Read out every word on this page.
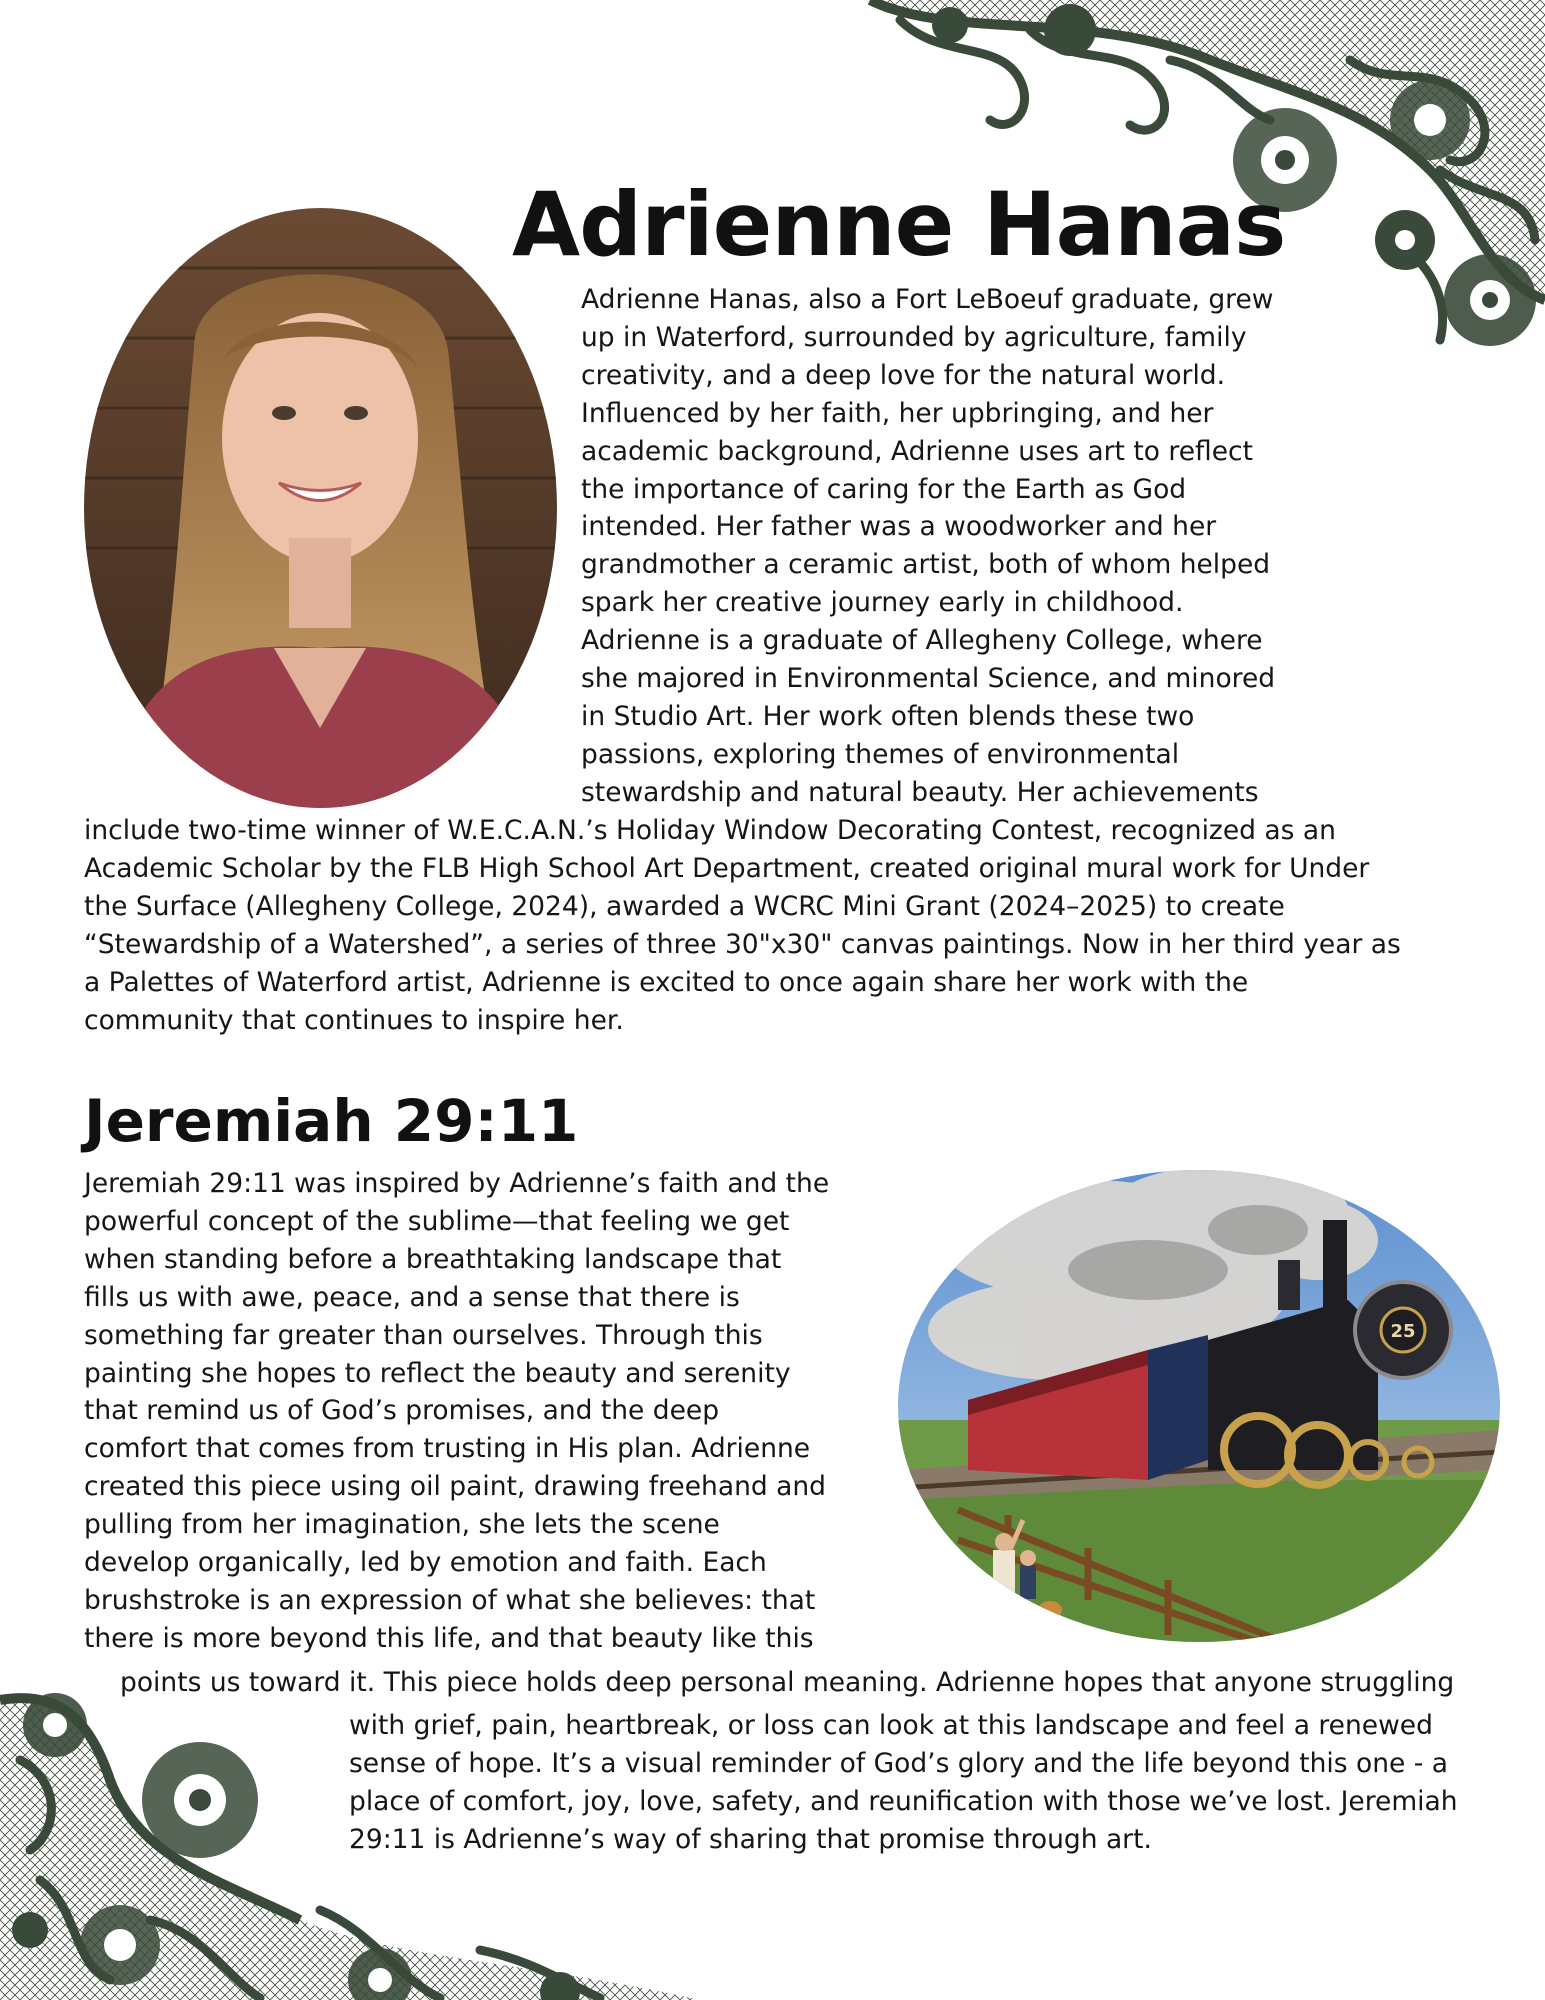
Adrienne Hanas
Adrienne Hanas, also a Fort LeBoeuf graduate, grew
up in Waterford, surrounded by agriculture, family
creativity, and a deep love for the natural world.
Influenced by her faith, her upbringing, and her
academic background, Adrienne uses art to reflect
the importance of caring for the Earth as God
intended. Her father was a woodworker and her
grandmother a ceramic artist, both of whom helped
spark her creative journey early in childhood.
Adrienne is a graduate of Allegheny College, where
she majored in Environmental Science, and minored
in Studio Art. Her work often blends these two
passions, exploring themes of environmental
stewardship and natural beauty. Her achievements
include two-time winner of W.E.C.A.N.’s Holiday Window Decorating Contest, recognized as an
Academic Scholar by the FLB High School Art Department, created original mural work for Under
the Surface (Allegheny College, 2024), awarded a WCRC Mini Grant (2024–2025) to create
“Stewardship of a Watershed”, a series of three 30"x30" canvas paintings. Now in her third year as
a Palettes of Waterford artist, Adrienne is excited to once again share her work with the
community that continues to inspire her.
Jeremiah 29:11
Jeremiah 29:11 was inspired by Adrienne’s faith and the
powerful concept of the sublime—that feeling we get
when standing before a breathtaking landscape that
fills us with awe, peace, and a sense that there is
something far greater than ourselves. Through this
painting she hopes to reflect the beauty and serenity
that remind us of God’s promises, and the deep
comfort that comes from trusting in His plan. Adrienne
created this piece using oil paint, drawing freehand and
pulling from her imagination, she lets the scene
develop organically, led by emotion and faith. Each
brushstroke is an expression of what she believes: that
there is more beyond this life, and that beauty like this
25
points us toward it. This piece holds deep personal meaning. Adrienne hopes that anyone struggling
with grief, pain, heartbreak, or loss can look at this landscape and feel a renewed
sense of hope. It’s a visual reminder of God’s glory and the life beyond this one - a
place of comfort, joy, love, safety, and reunification with those we’ve lost. Jeremiah
29:11 is Adrienne’s way of sharing that promise through art.
